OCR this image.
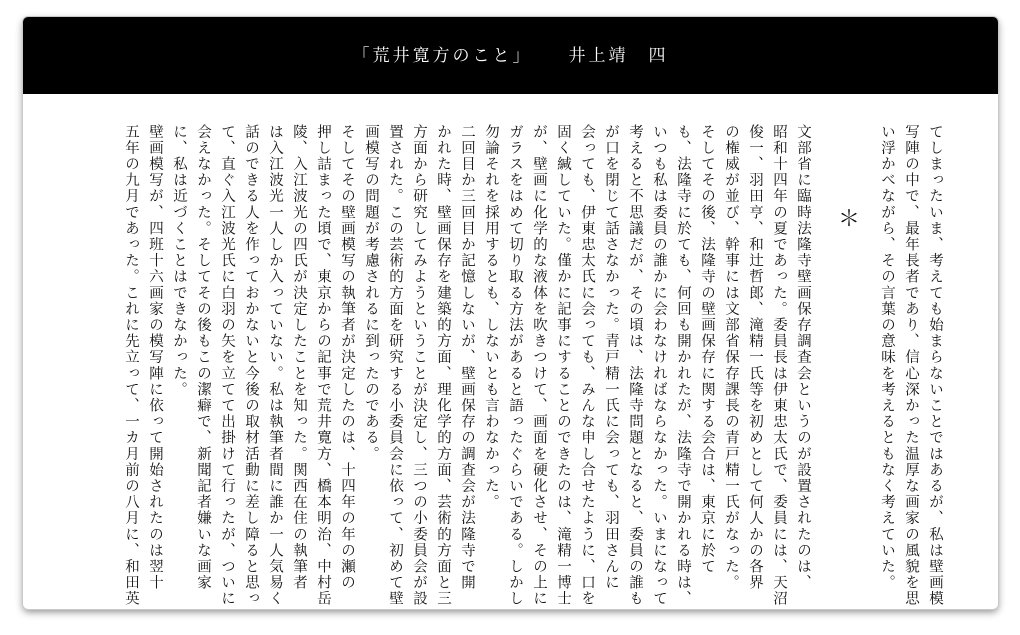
「荒井寛方のこと」 井上靖　四
＊	てしまったいま、考えても始まらないことではあるが、私は壁画模
写陣の中で、最年長者であり、信心深かった温厚な画家の風貌を思
い浮かべながら、その言葉の意味を考えるともなく考えていた。
文部省に臨時法隆寺壁画保存調査会というのが設置されたのは、
昭和十四年の夏であった。委員長は伊東忠太氏で、委員には、天沼
俊一、羽田亨、和辻哲郎、滝精一氏等を初めとして何人かの各界
の権威が並び、幹事には文部省保存課長の青戸精一氏がなった。
そしてその後、法隆寺の壁画保存に関する会合は、東京に於て
も、法隆寺に於ても、何回も開かれたが、法隆寺で開かれる時は、
いつも私は委員の誰かに会わなければならなかった。いまになって
考えると不思議だが、その頃は、法隆寺問題となると、委員の誰も
が口を閉じて話さなかった。青戸精一氏に会っても、羽田さんに
会っても、伊東忠太氏に会っても、みんな申し合せたように、口を
固く緘していた。僅かに記事にすることのできたのは、滝精一博士
が、壁画に化学的な液体を吹きつけて、画面を硬化させ、その上に
ガラスをはめて切り取る方法があると語ったぐらいである。しかし
勿論それを採用するとも、しないとも言わなかった。
二回目か三回目か記憶しないが、壁画保存の調査会が法隆寺で開
かれた時、壁画保存を建築的方面、理化学的方面、芸術的方面と三
方面から研究してみようということが決定し、三つの小委員会が設
置された。この芸術的方面を研究する小委員会に依って、初めて壁
画模写の問題が考慮されるに到ったのである。
そしてその壁画模写の執筆者が決定したのは、十四年の年の瀬の
押し詰まった頃で、東京からの記事で荒井寛方、橋本明治、中村岳
陵、入江波光の四氏が決定したことを知った。関西在住の執筆者
は入江波光一人しか入っていない。私は執筆者間に誰か一人気易く
話のできる人を作っておかないと今後の取材活動に差し障ると思っ
て、直ぐ入江波光氏に白羽の矢を立てて出掛けて行ったが、ついに
会えなかった。そしてその後もこの潔癖で、新聞記者嫌いな画家
に、私は近づくことはできなかった。
壁画模写が、四班十六画家の模写陣に依って開始されたのは翌十
五年の九月であった。これに先立って、一カ月前の八月に、和田英
